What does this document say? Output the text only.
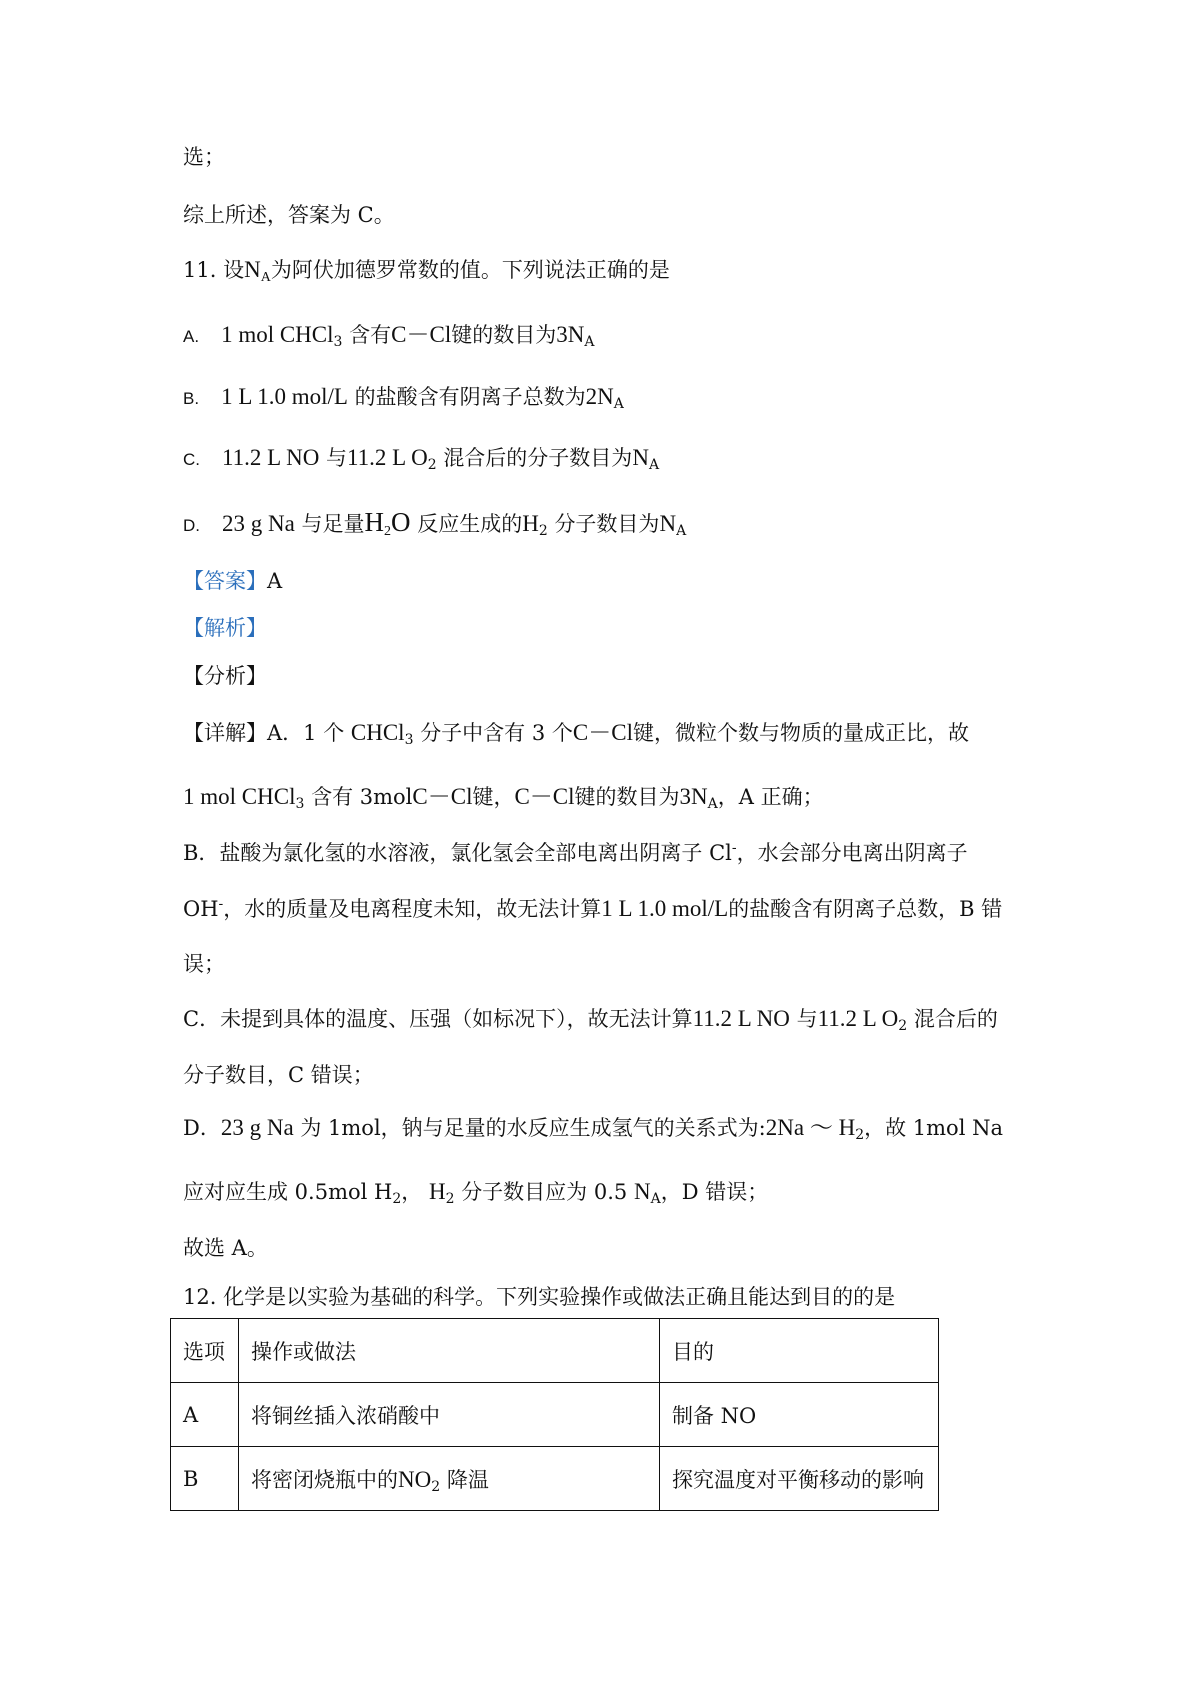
选；
综上所述，答案为 C。
11. 设$N_A$为阿伏加德罗常数的值。下列说法正确的是
A. 1 mol CHCl$_3$ 含有C－Cl键的数目为$3N_A$
B. 1 L 1.0 mol/L 的盐酸含有阴离子总数为$2N_A$
C. 11.2 L NO 与11.2 L $O_2$ 混合后的分子数目为$N_A$
D. 23 g Na 与足量$H_2O$ 反应生成的$H_2$ 分子数目为$N_A$
【答案】A
【解析】
【分析】
【详解】A．1 个 CHCl$_3$ 分子中含有 3 个C－Cl键，微粒个数与物质的量成正比，故
1 mol CHCl$_3$ 含有 3molC－Cl键，C－Cl键的数目为$3N_A$，A 正确；
B．盐酸为氯化氢的水溶液，氯化氢会全部电离出阴离子 Cl-，水会部分电离出阴离子
OH-，水的质量及电离程度未知，故无法计算1 L 1.0 mol/L的盐酸含有阴离子总数，B 错
误；
C．未提到具体的温度、压强（如标况下），故无法计算11.2 L NO 与11.2 L $O_2$ 混合后的
分子数目，C 错误；
D．23 g Na 为 1mol，钠与足量的水反应生成氢气的关系式为:2Na ～ $H_2$，故 1mol Na
应对应生成 0.5mol $H_2$， $H_2$ 分子数目应为 0.5 $N_A$，D 错误；
故选 A。
12. 化学是以实验为基础的科学。下列实验操作或做法正确且能达到目的的是
选项	操作或做法	目的
A	将铜丝插入浓硝酸中	制备 NO
B	将密闭烧瓶中的$NO_2$ 降温	探究温度对平衡移动的影响
